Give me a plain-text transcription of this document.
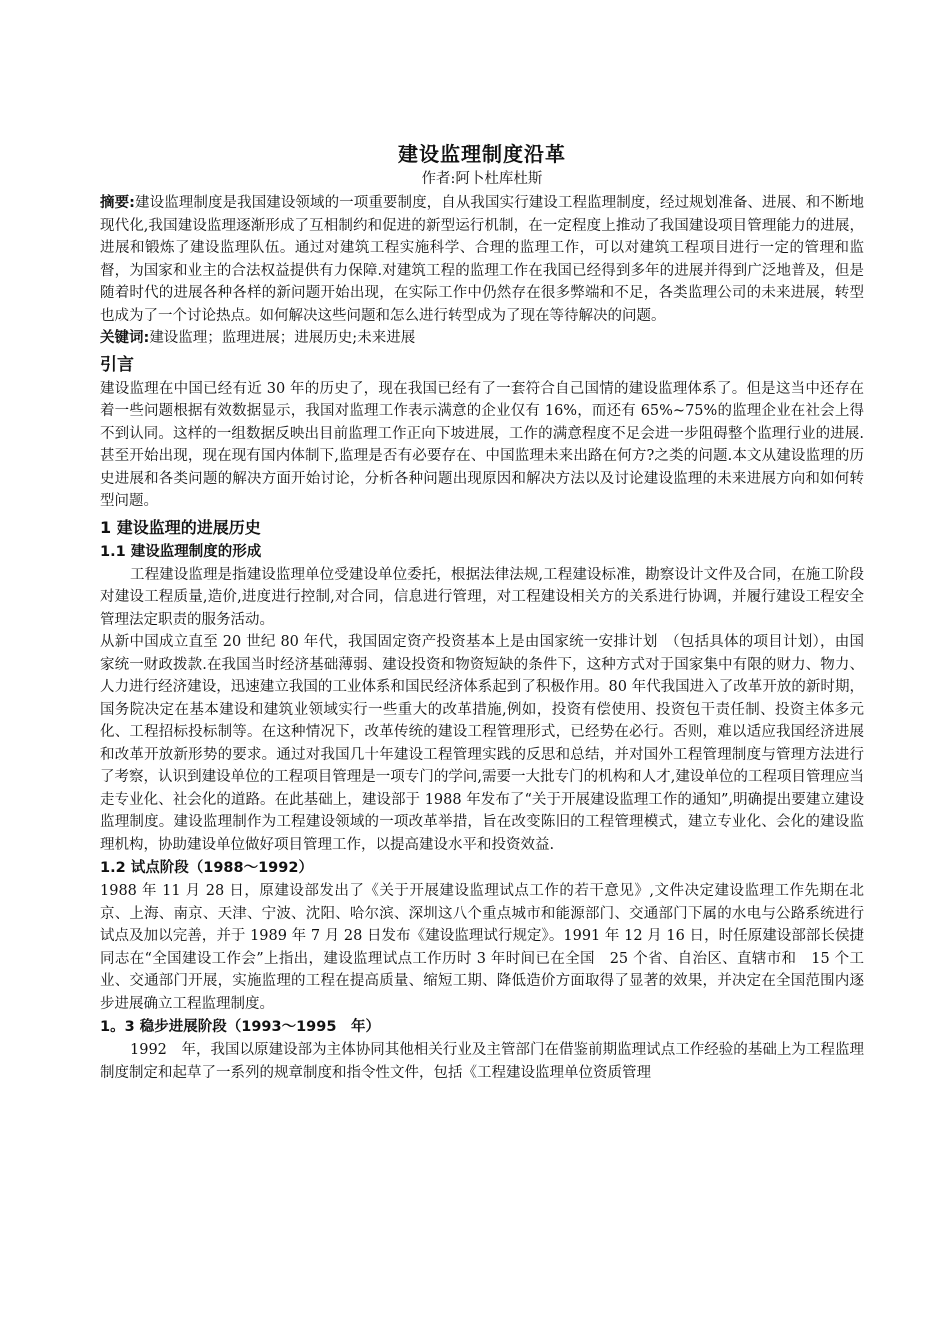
建设监理制度沿革
作者:阿卜杜库杜斯

摘要:建设监理制度是我国建设领域的一项重要制度，自从我国实行建设工程监理制度，经过规划准备、进展、和不断地现代化,我国建设监理逐渐形成了互相制约和促进的新型运行机制，在一定程度上推动了我国建设项目管理能力的进展，进展和锻炼了建设监理队伍。通过对建筑工程实施科学、合理的监理工作，可以对建筑工程项目进行一定的管理和监督，为国家和业主的合法权益提供有力保障.对建筑工程的监理工作在我国已经得到多年的进展并得到广泛地普及，但是随着时代的进展各种各样的新问题开始出现，在实际工作中仍然存在很多弊端和不足，各类监理公司的未来进展，转型也成为了一个讨论热点。如何解决这些问题和怎么进行转型成为了现在等待解决的问题。

关键词:建设监理；监理进展；进展历史;未来进展

引言

建设监理在中国已经有近 30 年的历史了，现在我国已经有了一套符合自己国情的建设监理体系了。但是这当中还存在着一些问题根据有效数据显示，我国对监理工作表示满意的企业仅有 16%，而还有 65%~75%的监理企业在社会上得不到认同。这样的一组数据反映出目前监理工作正向下坡进展，工作的满意程度不足会进一步阻碍整个监理行业的进展.甚至开始出现，现在现有国内体制下,监理是否有必要存在、中国监理未来出路在何方?之类的问题.本文从建设监理的历史进展和各类问题的解决方面开始讨论，分析各种问题出现原因和解决方法以及讨论建设监理的未来进展方向和如何转型问题。

1 建设监理的进展历史
1.1 建设监理制度的形成

工程建设监理是指建设监理单位受建设单位委托，根据法律法规,工程建设标准，勘察设计文件及合同，在施工阶段对建设工程质量,造价,进度进行控制,对合同，信息进行管理，对工程建设相关方的关系进行协调，并履行建设工程安全管理法定职责的服务活动。

从新中国成立直至 20 世纪 80 年代，我国固定资产投资基本上是由国家统一安排计划　（包括具体的项目计划），由国家统一财政拨款.在我国当时经济基础薄弱、建设投资和物资短缺的条件下，这种方式对于国家集中有限的财力、物力、人力进行经济建设，迅速建立我国的工业体系和国民经济体系起到了积极作用。80 年代我国进入了改革开放的新时期，国务院决定在基本建设和建筑业领域实行一些重大的改革措施,例如，投资有偿使用、投资包干责任制、投资主体多元化、工程招标投标制等。在这种情况下，改革传统的建设工程管理形式，已经势在必行。否则，难以适应我国经济进展和改革开放新形势的要求。通过对我国几十年建设工程管理实践的反思和总结，并对国外工程管理制度与管理方法进行了考察，认识到建设单位的工程项目管理是一项专门的学问,需要一大批专门的机构和人才,建设单位的工程项目管理应当走专业化、社会化的道路。在此基础上，建设部于 1988 年发布了“关于开展建设监理工作的通知”,明确提出要建立建设监理制度。建设监理制作为工程建设领域的一项改革举措，旨在改变陈旧的工程管理模式，建立专业化、会化的建设监理机构，协助建设单位做好项目管理工作，以提高建设水平和投资效益.

1.2 试点阶段（1988～1992）

1988 年 11 月 28 日，原建设部发出了《关于开展建设监理试点工作的若干意见》,文件决定建设监理工作先期在北京、上海、南京、天津、宁波、沈阳、哈尔滨、深圳这八个重点城市和能源部门、交通部门下属的水电与公路系统进行试点及加以完善，并于 1989 年 7 月 28 日发布《建设监理试行规定》。1991 年 12 月 16 日，时任原建设部部长侯捷同志在“全国建设工作会”上指出，建设监理试点工作历时 3 年时间已在全国　25 个省、自治区、直辖市和　15 个工业、交通部门开展，实施监理的工程在提高质量、缩短工期、降低造价方面取得了显著的效果，并决定在全国范围内逐步进展确立工程监理制度。

1。3 稳步进展阶段（1993～1995　年）

1992　年，我国以原建设部为主体协同其他相关行业及主管部门在借鉴前期监理试点工作经验的基础上为工程监理制度制定和起草了一系列的规章制度和指令性文件，包括《工程建设监理单位资质管理
